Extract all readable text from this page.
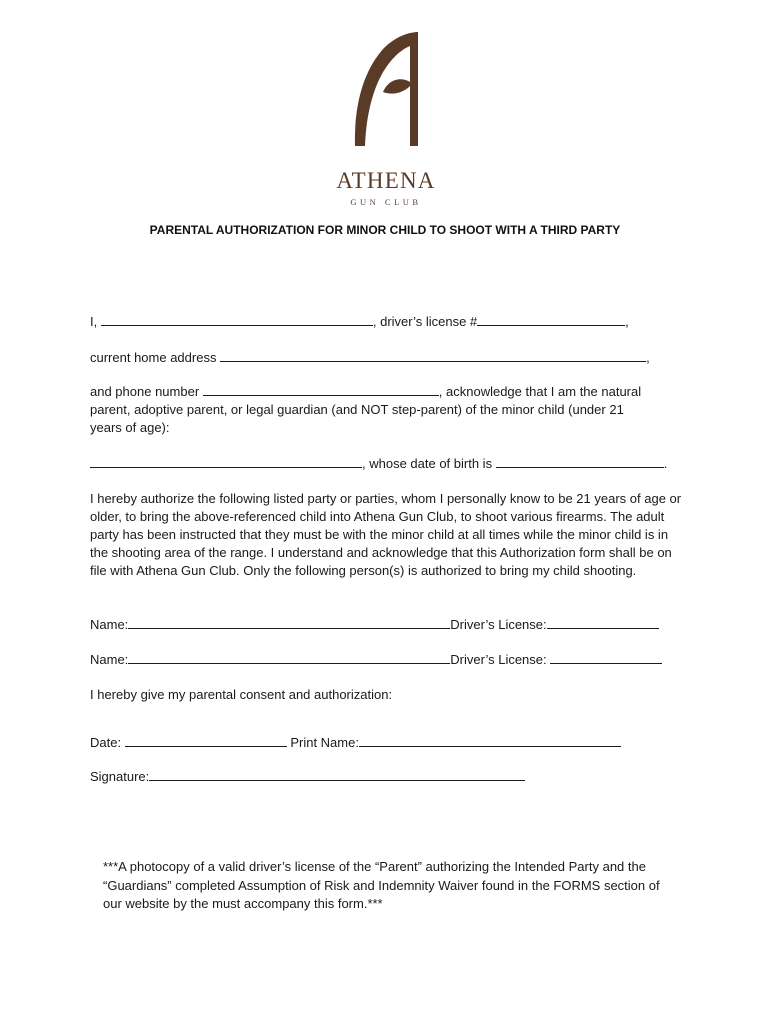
ATHENA
GUN CLUB
PARENTAL AUTHORIZATION FOR MINOR CHILD TO SHOOT WITH A THIRD PARTY
I,	, driver’s license #	,
current home address	,
and phone number	, acknowledge that I am the natural parent, adoptive parent, or legal guardian (and NOT step-parent) of the minor child (under 21 years of age):
, whose date of birth is	.
I hereby authorize the following listed party or parties, whom I personally know to be 21 years of age or older, to bring the above-referenced child into Athena Gun Club, to shoot various firearms. The adult party has been instructed that they must be with the minor child at all times while the minor child is in the shooting area of the range. I understand and acknowledge that this Authorization form shall be on file with Athena Gun Club. Only the following person(s) is authorized to bring my child shooting.
Name:	Driver’s License:
Name:	Driver’s License:
I hereby give my parental consent and authorization:
Date:	Print Name:
Signature:
***A photocopy of a valid driver’s license of the “Parent” authorizing the Intended Party and the “Guardians” completed Assumption of Risk and Indemnity Waiver found in the FORMS section of our website by the must accompany this form.***
